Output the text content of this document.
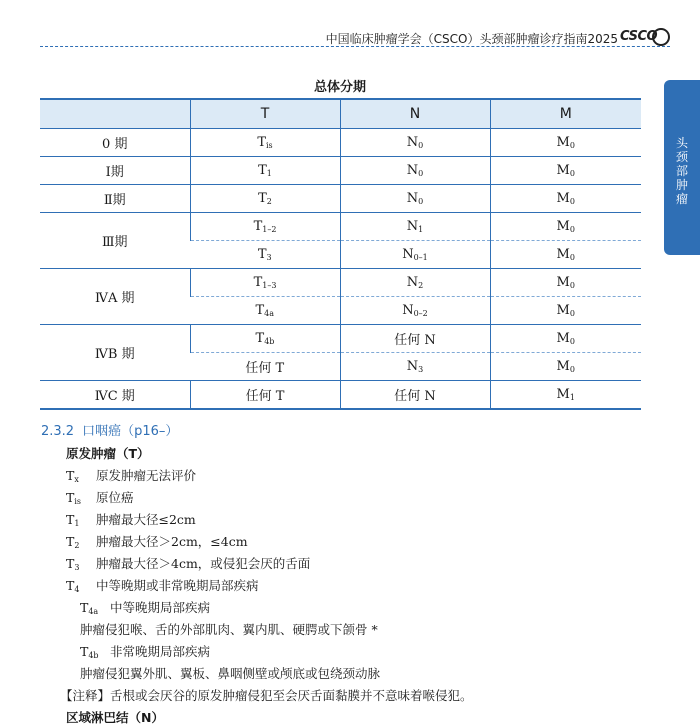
中国临床肿瘤学会（CSCO）头颈部肿瘤诊疗指南2025 CSCO
头颈部肿瘤
总体分期
	T	N	M
0 期	$T_{is}$	$N_0$	$M_0$
Ⅰ期	$T_1$	$N_0$	$M_0$
Ⅱ期	$T_2$	$N_0$	$M_0$
Ⅲ期	$T_{1-2}$	$N_1$	$M_0$
	$T_3$	$N_{0-1}$	$M_0$
ⅣA 期	$T_{1-3}$	$N_2$	$M_0$
	$T_{4a}$	$N_{0-2}$	$M_0$
ⅣB 期	$T_{4b}$	任何 N	$M_0$
	任何 T	$N_3$	$M_0$
ⅣC 期	任何 T	任何 N	$M_1$
2.3.2 口咽癌（p16–）
原发肿瘤（T）
$T_x$ 原发肿瘤无法评价
$T_{is}$ 原位癌
$T_1$ 肿瘤最大径≤2cm
$T_2$ 肿瘤最大径＞2cm，≤4cm
$T_3$ 肿瘤最大径＞4cm，或侵犯会厌的舌面
$T_4$ 中等晚期或非常晚期局部疾病
$T_{4a}$ 中等晚期局部疾病
肿瘤侵犯喉、舌的外部肌肉、翼内肌、硬腭或下颌骨 *
$T_{4b}$ 非常晚期局部疾病
肿瘤侵犯翼外肌、翼板、鼻咽侧壁或颅底或包绕颈动脉
【注释】舌根或会厌谷的原发肿瘤侵犯至会厌舌面黏膜并不意味着喉侵犯。
区域淋巴结（N）
